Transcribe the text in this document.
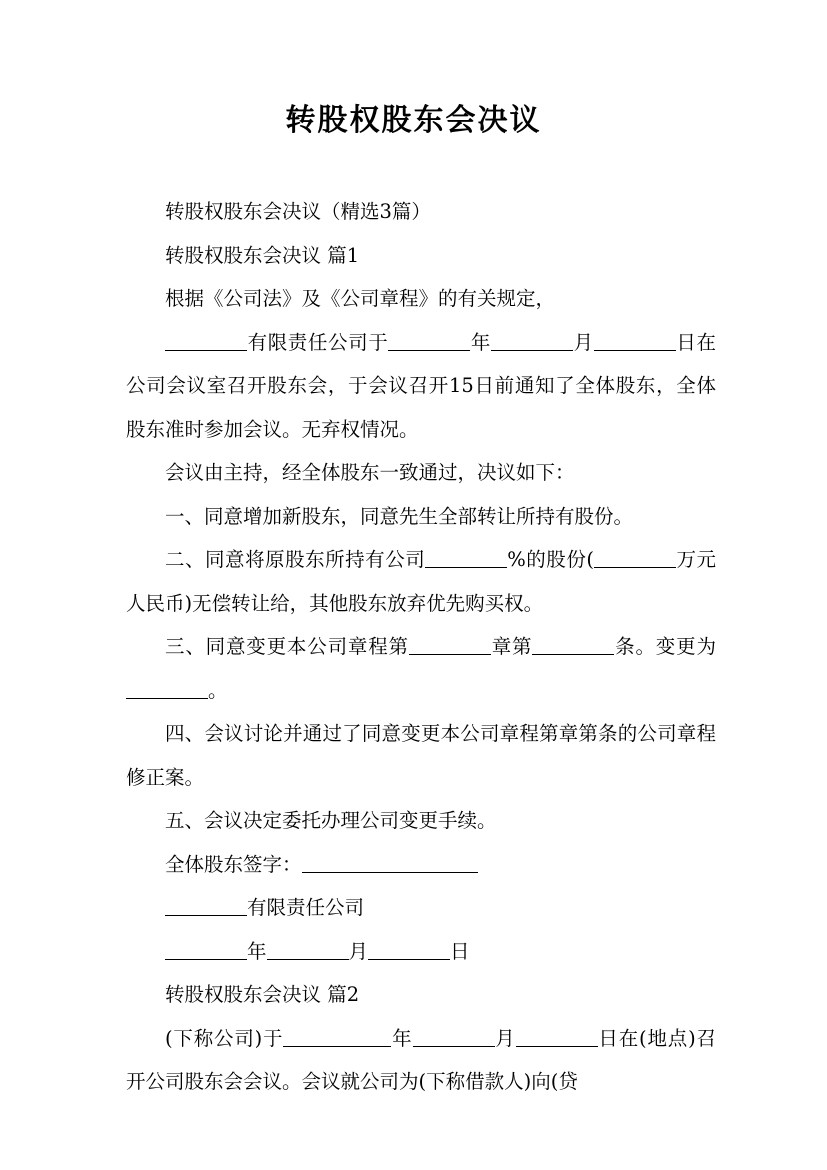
转股权股东会决议

转股权股东会决议（精选3篇）

转股权股东会决议 篇1

根据《公司法》及《公司章程》的有关规定，

有限责任公司于	年	月	日在公司会议室召开股东会，于会议召开15日前通知了全体股东，全体股东准时参加会议。无弃权情况。

会议由主持，经全体股东一致通过，决议如下：

一、同意增加新股东，同意先生全部转让所持有股份。

二、同意将原股东所持有公司	%的股份(	万元人民币)无偿转让给，其他股东放弃优先购买权。

三、同意变更本公司章程第	章第	条。变更为。

四、会议讨论并通过了同意变更本公司章程第章第条的公司章程修正案。

五、会议决定委托办理公司变更手续。

全体股东签字：

有限责任公司

年	月	日

转股权股东会决议 篇2

(下称公司)于	年	月	日在(地点)召开公司股东会会议。会议就公司为(下称借款人)向(贷
